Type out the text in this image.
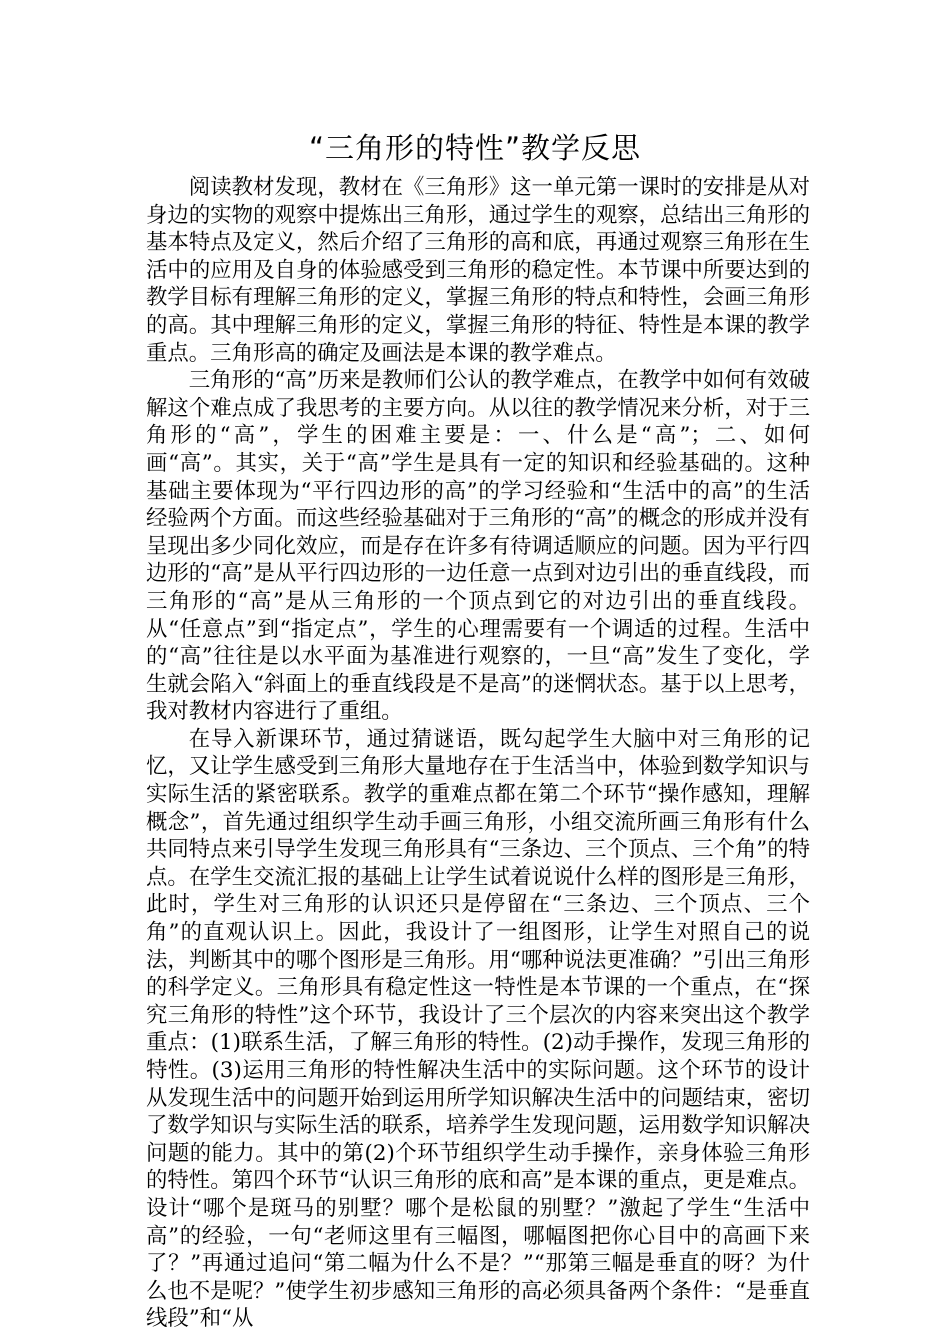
“三角形的特性”教学反思

阅读教材发现，教材在《三角形》这一单元第一课时的安排是从对身边的实物的观察中提炼出三角形，通过学生的观察，总结出三角形的基本特点及定义，然后介绍了三角形的高和底，再通过观察三角形在生活中的应用及自身的体验感受到三角形的稳定性。本节课中所要达到的教学目标有理解三角形的定义，掌握三角形的特点和特性，会画三角形的高。其中理解三角形的定义，掌握三角形的特征、特性是本课的教学重点。三角形高的确定及画法是本课的教学难点。

三角形的“高”历来是教师们公认的教学难点，在教学中如何有效破解这个难点成了我思考的主要方向。从以往的教学情况来分析，对于三角形的“高”，学生的困难主要是：一、什么是“高”；二、如何画“高”。其实，关于“高”学生是具有一定的知识和经验基础的。这种基础主要体现为“平行四边形的高”的学习经验和“生活中的高”的生活经验两个方面。而这些经验基础对于三角形的“高”的概念的形成并没有呈现出多少同化效应，而是存在许多有待调适顺应的问题。因为平行四边形的“高”是从平行四边形的一边任意一点到对边引出的垂直线段，而三角形的“高”是从三角形的一个顶点到它的对边引出的垂直线段。从“任意点”到“指定点”，学生的心理需要有一个调适的过程。生活中的“高”往往是以水平面为基准进行观察的，一旦“高”发生了变化，学生就会陷入“斜面上的垂直线段是不是高”的迷惘状态。基于以上思考，我对教材内容进行了重组。

在导入新课环节，通过猜谜语，既勾起学生大脑中对三角形的记忆，又让学生感受到三角形大量地存在于生活当中，体验到数学知识与实际生活的紧密联系。教学的重难点都在第二个环节“操作感知，理解概念”，首先通过组织学生动手画三角形，小组交流所画三角形有什么共同特点来引导学生发现三角形具有“三条边、三个顶点、三个角”的特点。在学生交流汇报的基础上让学生试着说说什么样的图形是三角形，此时，学生对三角形的认识还只是停留在“三条边、三个顶点、三个角”的直观认识上。因此，我设计了一组图形，让学生对照自己的说法，判断其中的哪个图形是三角形。用“哪种说法更准确？”引出三角形的科学定义。三角形具有稳定性这一特性是本节课的一个重点，在“探究三角形的特性”这个环节，我设计了三个层次的内容来突出这个教学重点：(1)联系生活，了解三角形的特性。(2)动手操作，发现三角形的特性。(3)运用三角形的特性解决生活中的实际问题。这个环节的设计从发现生活中的问题开始到运用所学知识解决生活中的问题结束，密切了数学知识与实际生活的联系，培养学生发现问题，运用数学知识解决问题的能力。其中的第(2)个环节组织学生动手操作，亲身体验三角形的特性。第四个环节“认识三角形的底和高”是本课的重点，更是难点。设计“哪个是斑马的别墅？哪个是松鼠的别墅？”激起了学生“生活中高”的经验，一句“老师这里有三幅图，哪幅图把你心目中的高画下来了？”再通过追问“第二幅为什么不是？”“那第三幅是垂直的呀？为什么也不是呢？”使学生初步感知三角形的高必须具备两个条件：“是垂直线段”和“从
